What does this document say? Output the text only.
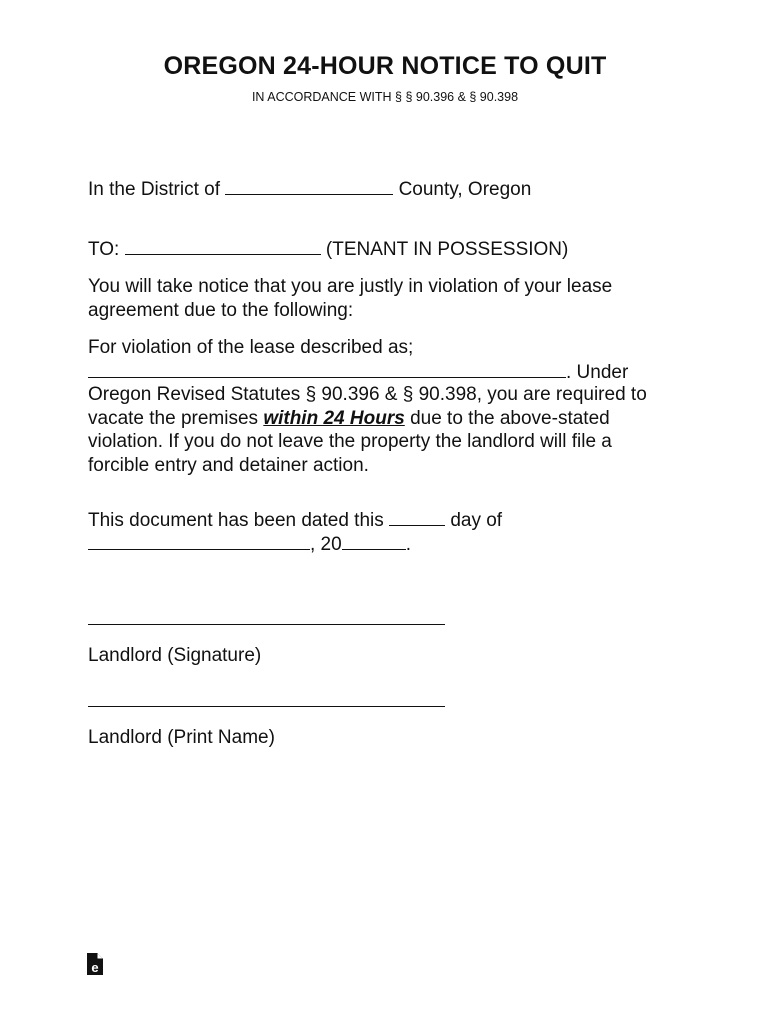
OREGON 24-HOUR NOTICE TO QUIT
IN ACCORDANCE WITH § § 90.396 & § 90.398
In the District of	County, Oregon
TO:	(TENANT IN POSSESSION)
You will take notice that you are justly in violation of your lease
agreement due to the following:
For violation of the lease described as;
. Under
Oregon Revised Statutes § 90.396 & § 90.398, you are required to
vacate the premises within 24 Hours due to the above-stated
violation. If you do not leave the property the landlord will file a
forcible entry and detainer action.
This document has been dated this	day of
, 20	.
Landlord (Signature)
Landlord (Print Name)
e
